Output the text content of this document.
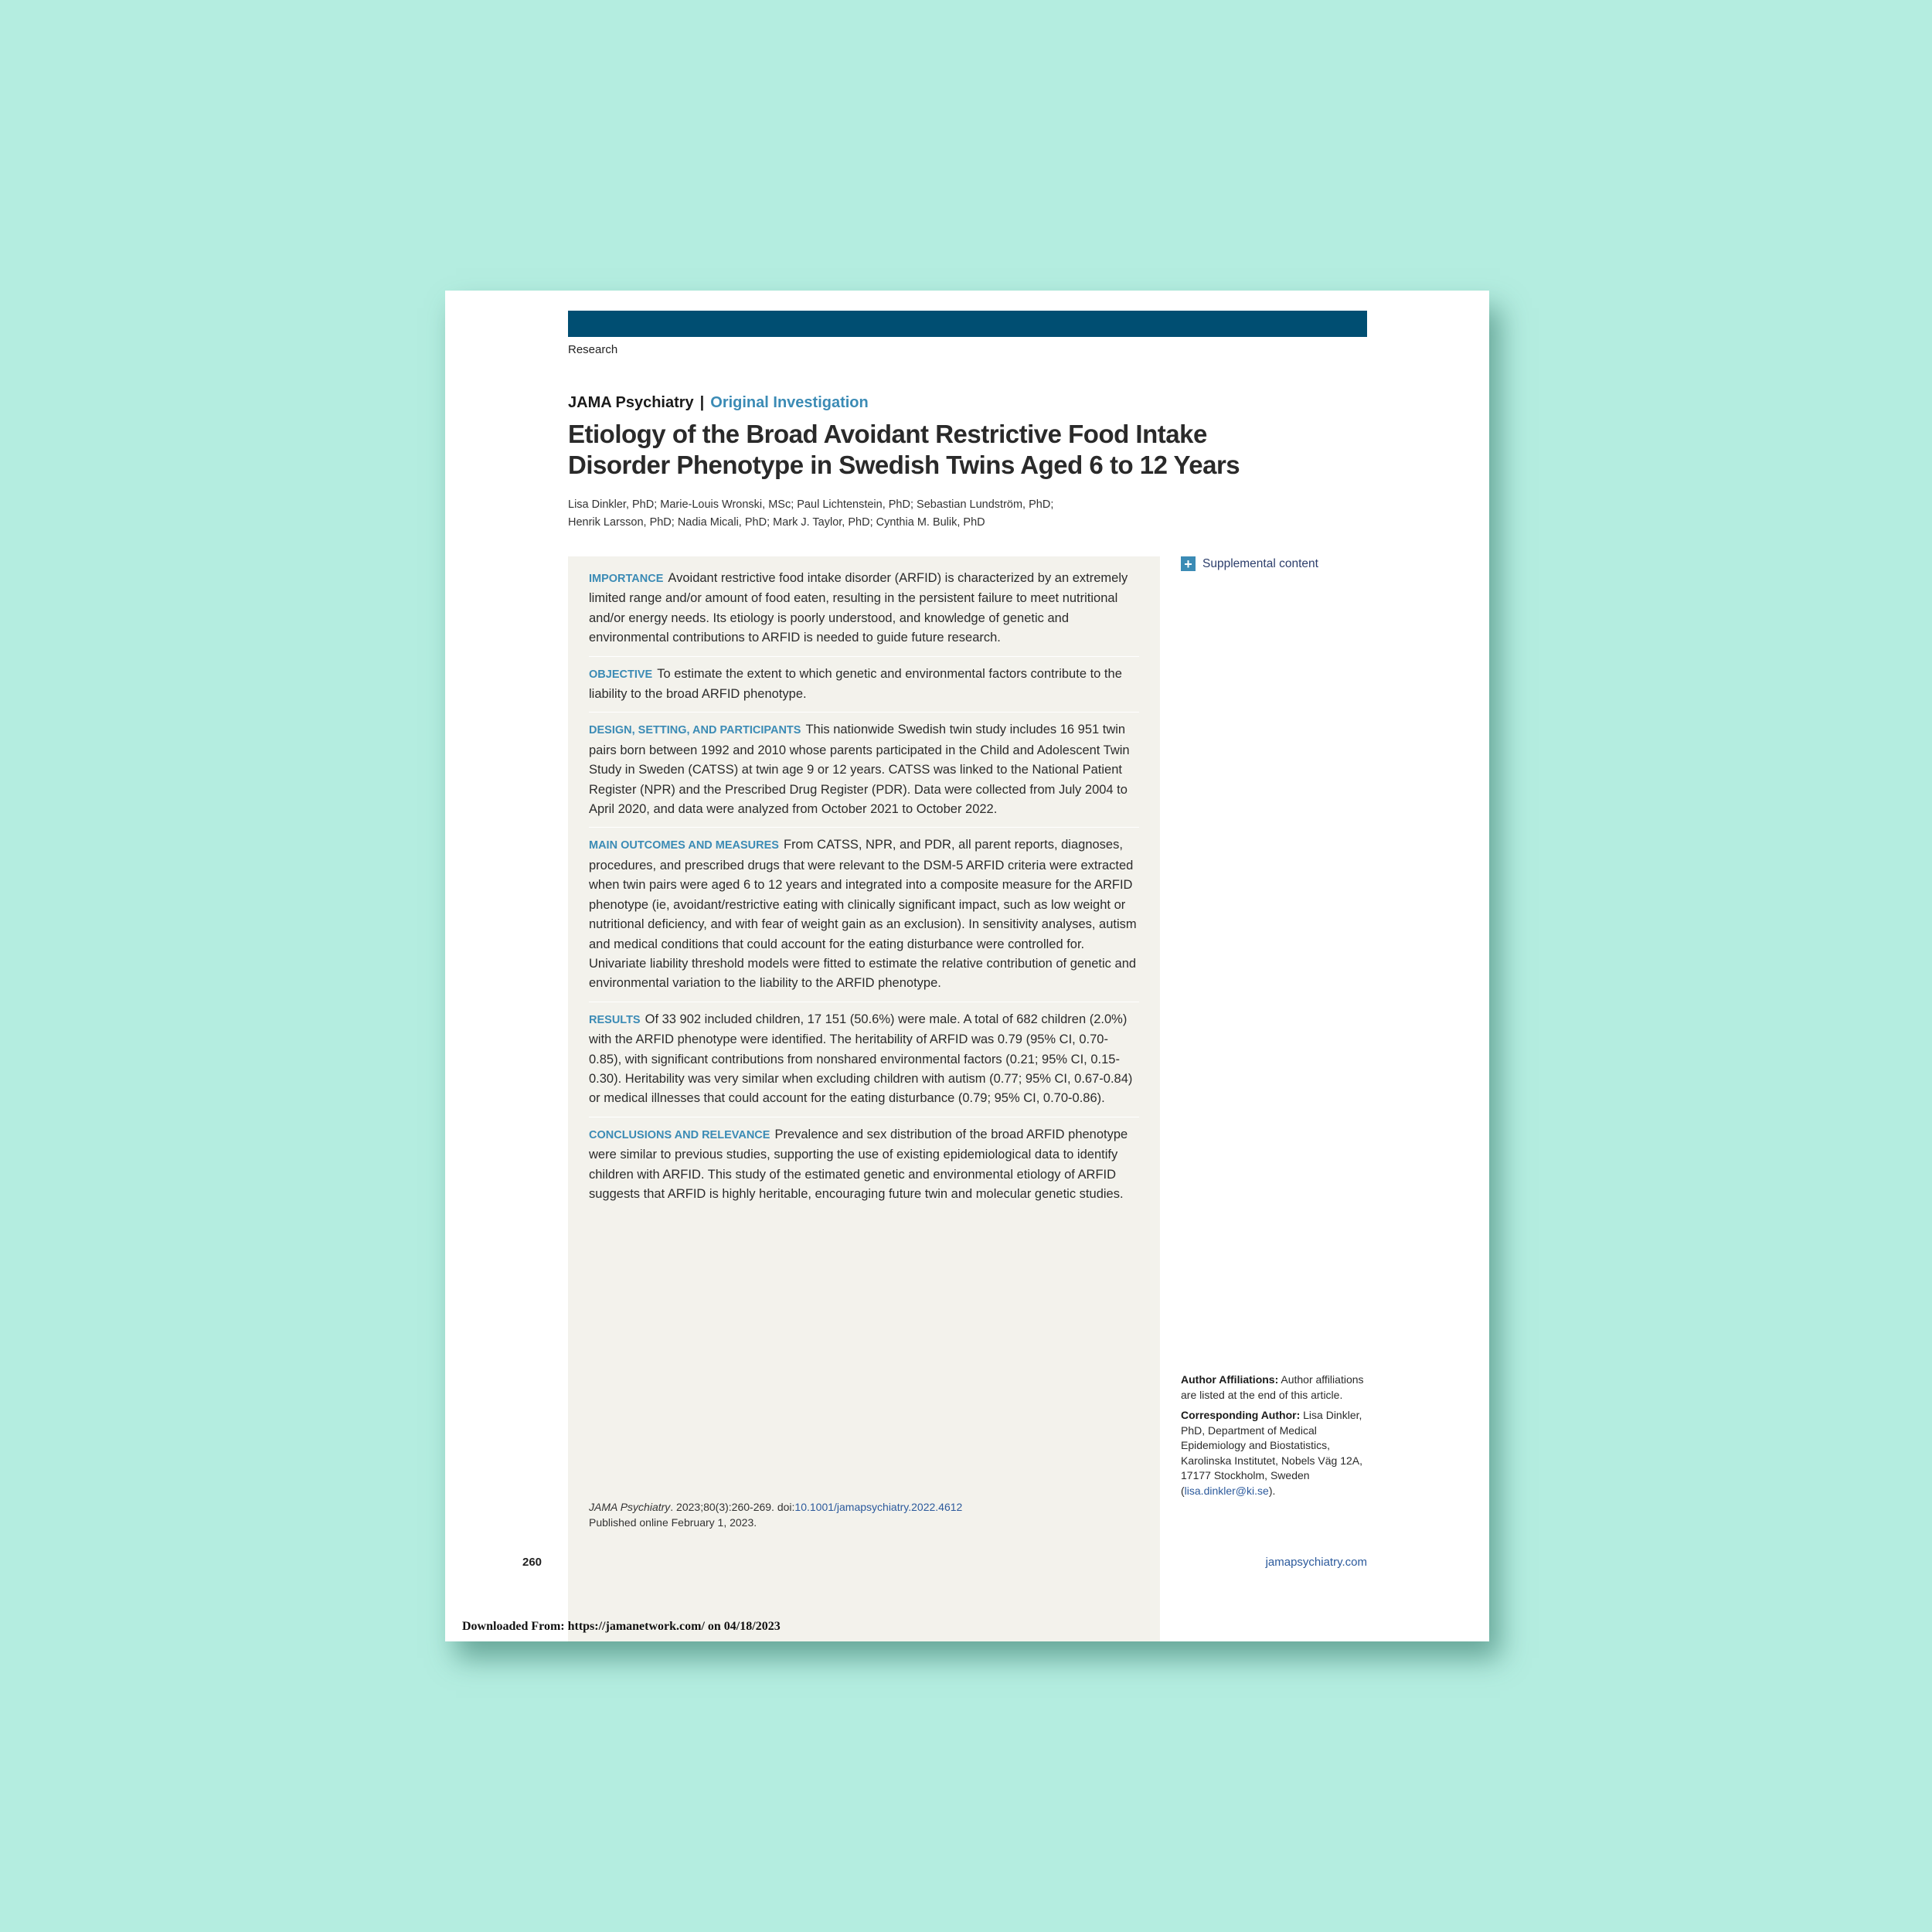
Research
JAMA Psychiatry | Original Investigation
Etiology of the Broad Avoidant Restrictive Food Intake Disorder Phenotype in Swedish Twins Aged 6 to 12 Years
Lisa Dinkler, PhD; Marie-Louis Wronski, MSc; Paul Lichtenstein, PhD; Sebastian Lundström, PhD;
Henrik Larsson, PhD; Nadia Micali, PhD; Mark J. Taylor, PhD; Cynthia M. Bulik, PhD
IMPORTANCE Avoidant restrictive food intake disorder (ARFID) is characterized by an extremely limited range and/or amount of food eaten, resulting in the persistent failure to meet nutritional and/or energy needs. Its etiology is poorly understood, and knowledge of genetic and environmental contributions to ARFID is needed to guide future research.
OBJECTIVE To estimate the extent to which genetic and environmental factors contribute to the liability to the broad ARFID phenotype.
DESIGN, SETTING, AND PARTICIPANTS This nationwide Swedish twin study includes 16 951 twin pairs born between 1992 and 2010 whose parents participated in the Child and Adolescent Twin Study in Sweden (CATSS) at twin age 9 or 12 years. CATSS was linked to the National Patient Register (NPR) and the Prescribed Drug Register (PDR). Data were collected from July 2004 to April 2020, and data were analyzed from October 2021 to October 2022.
MAIN OUTCOMES AND MEASURES From CATSS, NPR, and PDR, all parent reports, diagnoses, procedures, and prescribed drugs that were relevant to the DSM-5 ARFID criteria were extracted when twin pairs were aged 6 to 12 years and integrated into a composite measure for the ARFID phenotype (ie, avoidant/restrictive eating with clinically significant impact, such as low weight or nutritional deficiency, and with fear of weight gain as an exclusion). In sensitivity analyses, autism and medical conditions that could account for the eating disturbance were controlled for. Univariate liability threshold models were fitted to estimate the relative contribution of genetic and environmental variation to the liability to the ARFID phenotype.
RESULTS Of 33 902 included children, 17 151 (50.6%) were male. A total of 682 children (2.0%) with the ARFID phenotype were identified. The heritability of ARFID was 0.79 (95% CI, 0.70-0.85), with significant contributions from nonshared environmental factors (0.21; 95% CI, 0.15-0.30). Heritability was very similar when excluding children with autism (0.77; 95% CI, 0.67-0.84) or medical illnesses that could account for the eating disturbance (0.79; 95% CI, 0.70-0.86).
CONCLUSIONS AND RELEVANCE Prevalence and sex distribution of the broad ARFID phenotype were similar to previous studies, supporting the use of existing epidemiological data to identify children with ARFID. This study of the estimated genetic and environmental etiology of ARFID suggests that ARFID is highly heritable, encouraging future twin and molecular genetic studies.
JAMA Psychiatry. 2023;80(3):260-269. doi:10.1001/jamapsychiatry.2022.4612
Published online February 1, 2023.
+ Supplemental content

Author Affiliations: Author affiliations are listed at the end of this article.

Corresponding Author: Lisa Dinkler, PhD, Department of Medical Epidemiology and Biostatistics, Karolinska Institutet, Nobels Väg 12A, 17177 Stockholm, Sweden (lisa.dinkler@ki.se).

260	jamapsychiatry.com
Downloaded From: https://jamanetwork.com/ on 04/18/2023
